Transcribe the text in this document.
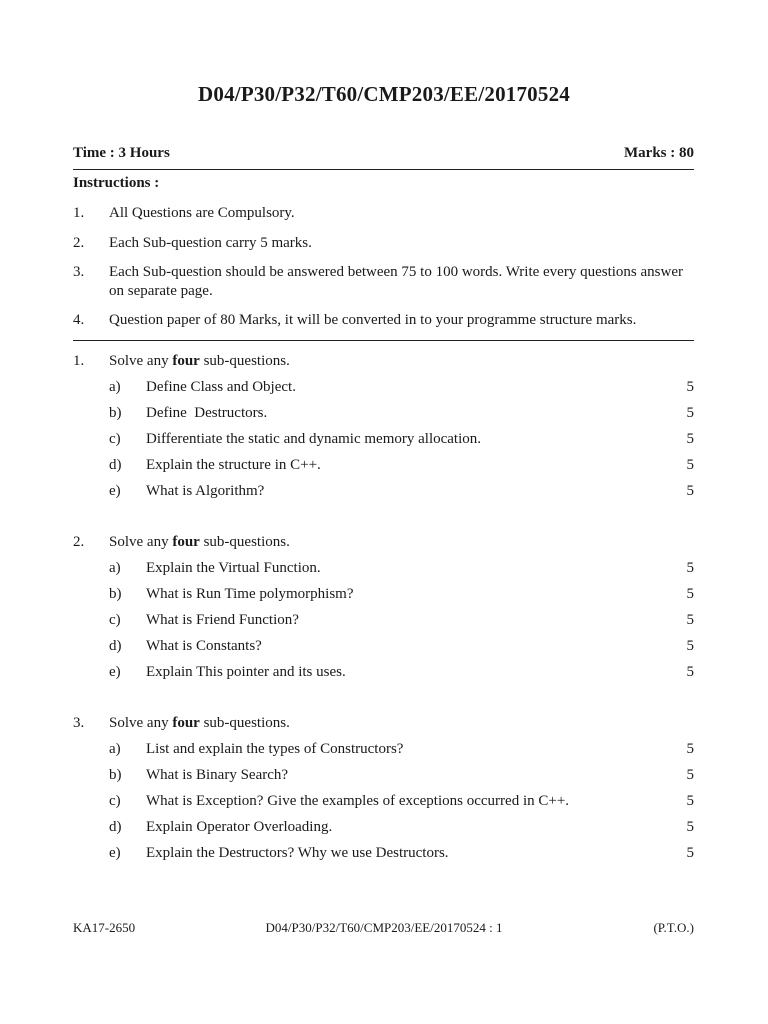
D04/P30/P32/T60/CMP203/EE/20170524
Time : 3 Hours	Marks : 80
Instructions :
1. All Questions are Compulsory.
2. Each Sub-question carry 5 marks.
3. Each Sub-question should be answered between 75 to 100 words. Write every questions answer on separate page.
4. Question paper of 80 Marks, it will be converted in to your programme structure marks.
1. Solve any four sub-questions.
a) Define Class and Object.	5
b) Define  Destructors.	5
c) Differentiate the static and dynamic memory allocation.	5
d) Explain the structure in C++.	5
e) What is Algorithm?	5
2. Solve any four sub-questions.
a) Explain the Virtual Function.	5
b) What is Run Time polymorphism?	5
c) What is Friend Function?	5
d) What is Constants?	5
e) Explain This pointer and its uses.	5
3. Solve any four sub-questions.
a) List and explain the types of Constructors?	5
b) What is Binary Search?	5
c) What is Exception? Give the examples of exceptions occurred in C++.	5
d) Explain Operator Overloading.	5
e) Explain the Destructors? Why we use Destructors.	5
KA17-2650	D04/P30/P32/T60/CMP203/EE/20170524 : 1	(P.T.O.)
